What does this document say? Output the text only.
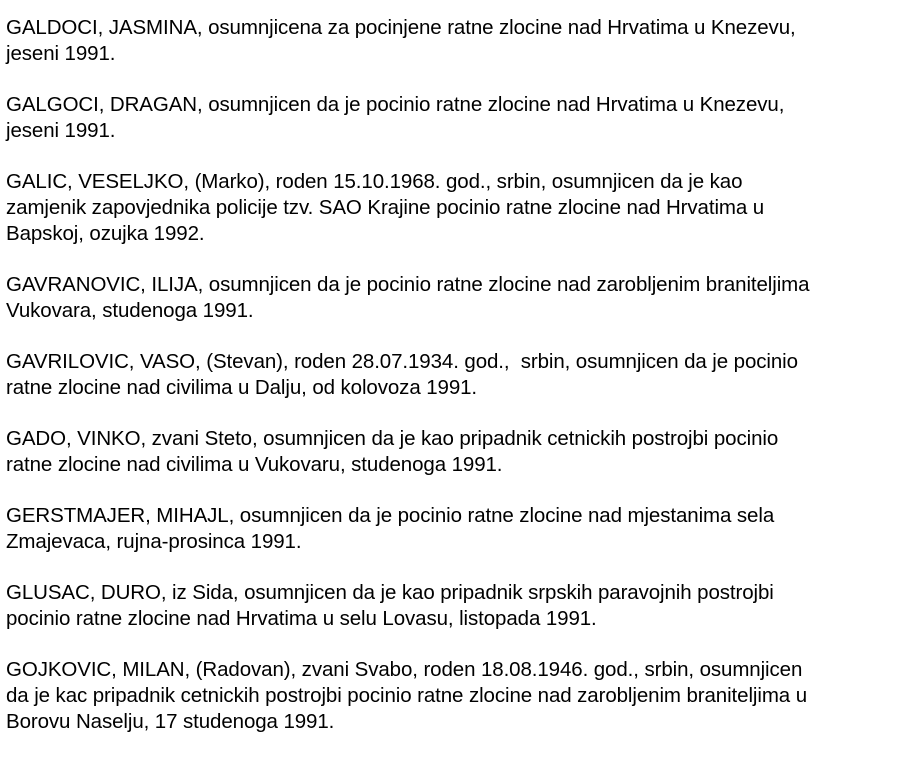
GALDOCI, JASMINA, osumnjicena za pocinjene ratne zlocine nad Hrvatima u Knezevu,
jeseni 1991.

GALGOCI, DRAGAN, osumnjicen da je pocinio ratne zlocine nad Hrvatima u Knezevu,
jeseni 1991.

GALIC, VESELJKO, (Marko), roden 15.10.1968. god., srbin, osumnjicen da je kao
zamjenik zapovjednika policije tzv. SAO Krajine pocinio ratne zlocine nad Hrvatima u
Bapskoj, ozujka 1992.

GAVRANOVIC, ILIJA, osumnjicen da je pocinio ratne zlocine nad zarobljenim braniteljima
Vukovara, studenoga 1991.

GAVRILOVIC, VASO, (Stevan), roden 28.07.1934. god.,  srbin, osumnjicen da je pocinio
ratne zlocine nad civilima u Dalju, od kolovoza 1991.

GADO, VINKO, zvani Steto, osumnjicen da je kao pripadnik cetnickih postrojbi pocinio
ratne zlocine nad civilima u Vukovaru, studenoga 1991.

GERSTMAJER, MIHAJL, osumnjicen da je pocinio ratne zlocine nad mjestanima sela
Zmajevaca, rujna-prosinca 1991.

GLUSAC, DURO, iz Sida, osumnjicen da je kao pripadnik srpskih paravojnih postrojbi
pocinio ratne zlocine nad Hrvatima u selu Lovasu, listopada 1991.

GOJKOVIC, MILAN, (Radovan), zvani Svabo, roden 18.08.1946. god., srbin, osumnjicen
da je kac pripadnik cetnickih postrojbi pocinio ratne zlocine nad zarobljenim braniteljima u
Borovu Naselju, 17 studenoga 1991.
